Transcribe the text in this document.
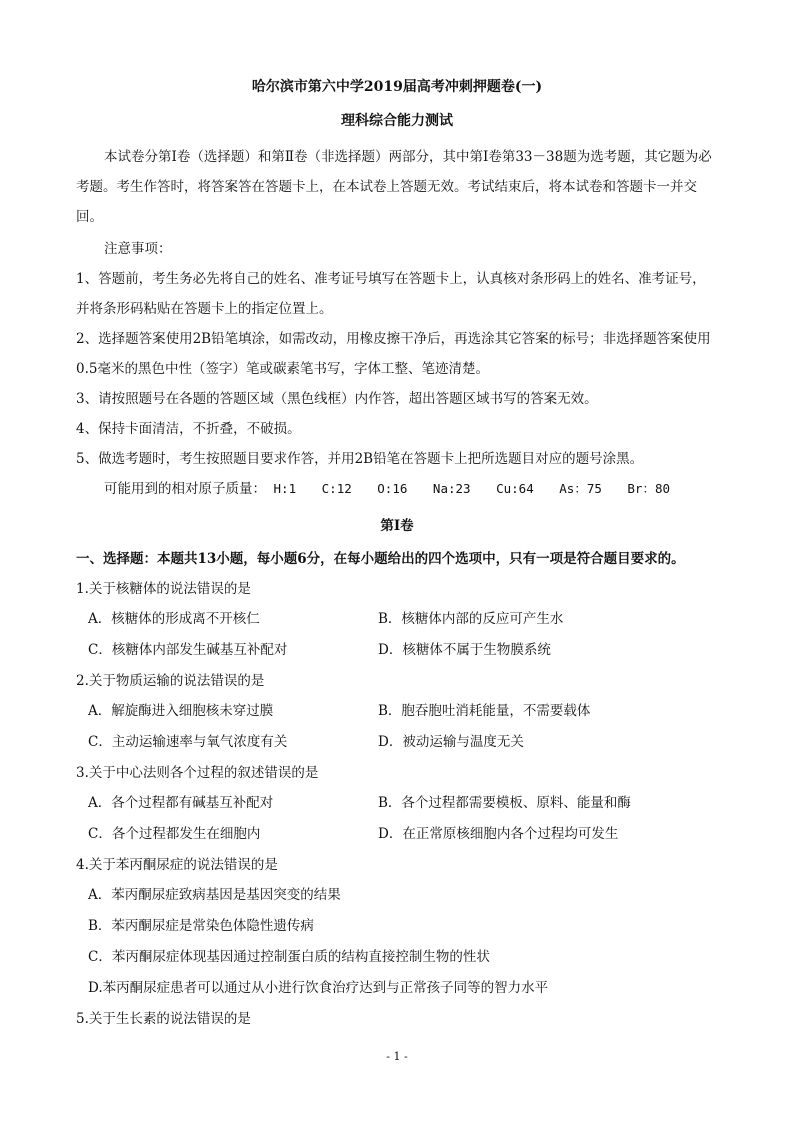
哈尔滨市第六中学2019届高考冲刺押题卷(一)
理科综合能力测试

本试卷分第Ⅰ卷（选择题）和第Ⅱ卷（非选择题）两部分，其中第Ⅰ卷第33－38题为选考题，其它题为必考题。考生作答时，将答案答在答题卡上，在本试卷上答题无效。考试结束后，将本试卷和答题卡一并交回。

注意事项：

1、答题前，考生务必先将自己的姓名、准考证号填写在答题卡上，认真核对条形码上的姓名、准考证号，并将条形码粘贴在答题卡上的指定位置上。

2、选择题答案使用2B铅笔填涂，如需改动，用橡皮擦干净后，再选涂其它答案的标号；非选择题答案使用0.5毫米的黑色中性（签字）笔或碳素笔书写，字体工整、笔迹清楚。

3、请按照题号在各题的答题区域（黑色线框）内作答，超出答题区域书写的答案无效。

4、保持卡面清洁，不折叠，不破损。

5、做选考题时，考生按照题目要求作答，并用2B铅笔在答题卡上把所选题目对应的题号涂黑。

可能用到的相对原子质量： H:1 C:12 O:16 Na:23 Cu:64 As：75 Br：80

第Ⅰ卷

一、选择题：本题共13小题，每小题6分，在每小题给出的四个选项中，只有一项是符合题目要求的。

1.关于核糖体的说法错误的是

A．核糖体的形成离不开核仁	B．核糖体内部的反应可产生水
C．核糖体内部发生碱基互补配对	D．核糖体不属于生物膜系统

2.关于物质运输的说法错误的是

A．解旋酶进入细胞核未穿过膜	B．胞吞胞吐消耗能量，不需要载体
C．主动运输速率与氧气浓度有关	D．被动运输与温度无关

3.关于中心法则各个过程的叙述错误的是

A．各个过程都有碱基互补配对	B．各个过程都需要模板、原料、能量和酶
C．各个过程都发生在细胞内	D．在正常原核细胞内各个过程均可发生

4.关于苯丙酮尿症的说法错误的是

A．苯丙酮尿症致病基因是基因突变的结果

B．苯丙酮尿症是常染色体隐性遗传病

C．苯丙酮尿症体现基因通过控制蛋白质的结构直接控制生物的性状

D.苯丙酮尿症患者可以通过从小进行饮食治疗达到与正常孩子同等的智力水平

5.关于生长素的说法错误的是

- 1 -
